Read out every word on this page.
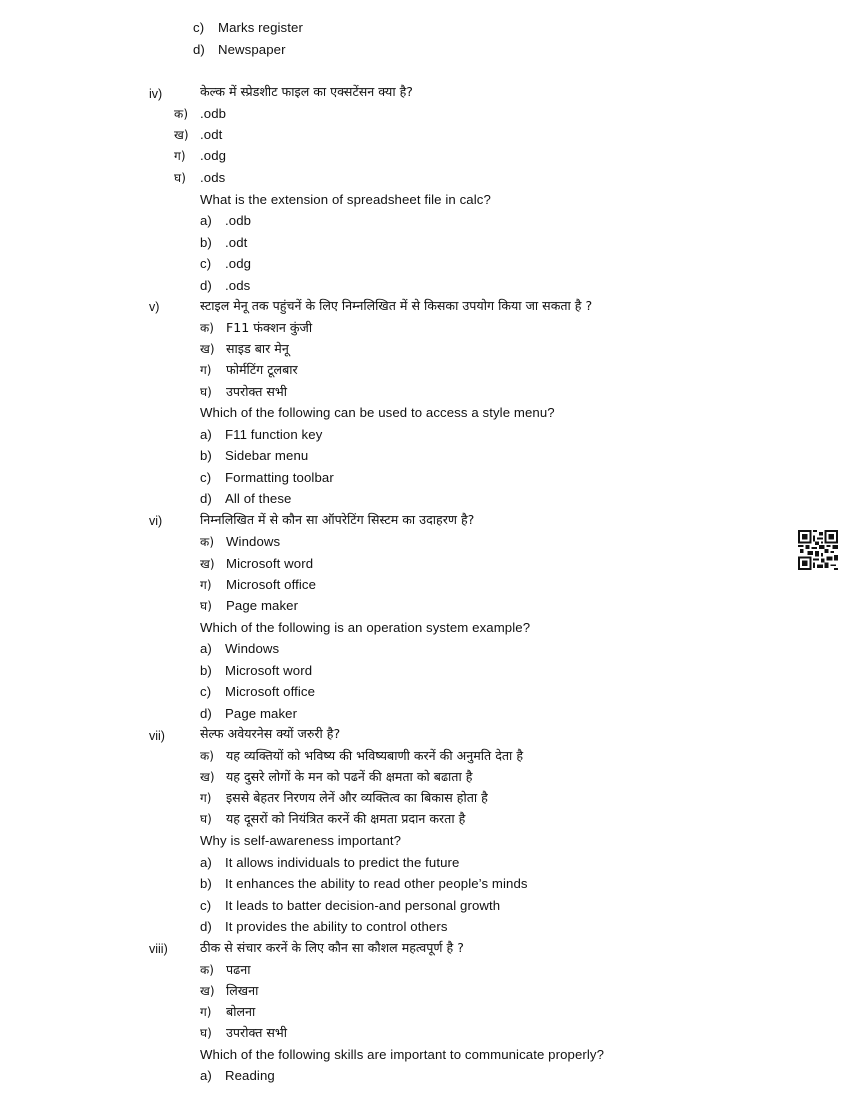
c) Marks register
d) Newspaper
iv)	केल्क में स्प्रेडशीट फाइल का एक्सटेंसन क्या है?
क) .odb
ख) .odt
ग) .odg
घ) .ods
What is the extension of spreadsheet file in calc?
a) .odb
b) .odt
c) .odg
d) .ods
v)	स्टाइल मेनू तक पहुंचनें के लिए निम्नलिखित में से किसका उपयोग किया जा सकता है ?
क) F11 फंक्शन कुंजी
ख) साइड बार मेनू
ग) फोर्मटिंग टूलबार
घ) उपरोक्त सभी
Which of the following can be used to access a style menu?
a) F11 function key
b) Sidebar menu
c) Formatting toolbar
d) All of these
vi)	निम्नलिखित में से कौन सा ऑपरेटिंग सिस्टम का उदाहरण है?
क) Windows
ख) Microsoft word
ग) Microsoft office
घ) Page maker
Which of the following is an operation system example?
a) Windows
b) Microsoft word
c) Microsoft office
d) Page maker
vii)	सेल्फ अवेयरनेस क्यों जरुरी है?
क) यह व्यक्तियों को भविष्य की भविष्यबाणी करनें की अनुमति देता है
ख) यह दुसरे लोगों के मन को पढनें की क्षमता को बढाता है
ग) इससे बेहतर निरणय लेनें और व्यक्तित्व का बिकास होता है
घ) यह दूसरों को नियंत्रित करनें की क्षमता प्रदान करता है
Why is self-awareness important?
a) It allows individuals to predict the future
b) It enhances the ability to read other people’s minds
c) It leads to batter decision-and personal growth
d) It provides the ability to control others
viii)	ठीक से संचार करनें के लिए कौन सा कौशल महत्वपूर्ण है ?
क) पढना
ख) लिखना
ग) बोलना
घ) उपरोक्त सभी
Which of the following skills are important to communicate properly?
a) Reading
